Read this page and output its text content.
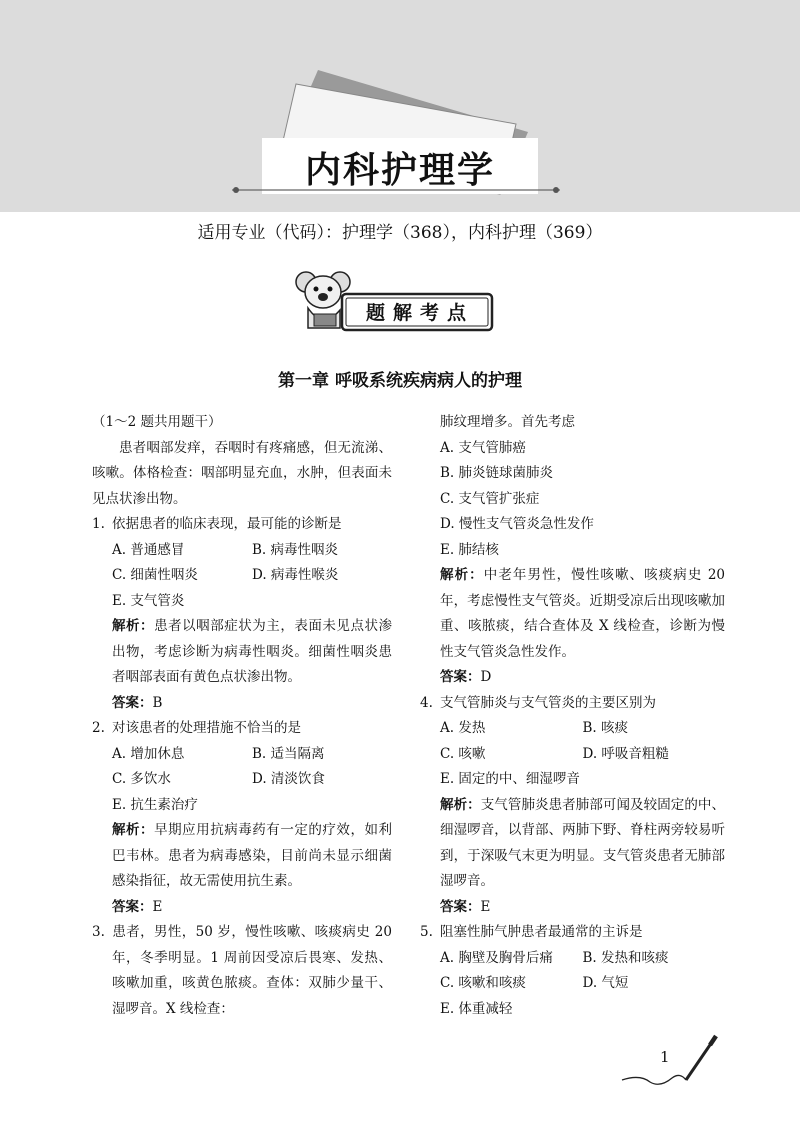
内科护理学
适用专业（代码）：护理学（368），内科护理（369）
题解考点
第一章 呼吸系统疾病病人的护理

（1～2 题共用题干）

患者咽部发痒，吞咽时有疼痛感，但无流涕、咳嗽。体格检查：咽部明显充血，水肿，但表面未见点状渗出物。

1. 依据患者的临床表现，最可能的诊断是

A. 普通感冒	B. 病毒性咽炎
C. 细菌性咽炎	D. 病毒性喉炎

E. 支气管炎

解析：患者以咽部症状为主，表面未见点状渗出物，考虑诊断为病毒性咽炎。细菌性咽炎患者咽部表面有黄色点状渗出物。

答案：B

2. 对该患者的处理措施不恰当的是

A. 增加休息	B. 适当隔离
C. 多饮水	D. 清淡饮食

E. 抗生素治疗

解析：早期应用抗病毒药有一定的疗效，如利巴韦林。患者为病毒感染，目前尚未显示细菌感染指征，故无需使用抗生素。

答案：E

3. 患者，男性，50 岁，慢性咳嗽、咳痰病史 20 年，冬季明显。1 周前因受凉后畏寒、发热、咳嗽加重，咳黄色脓痰。查体：双肺少量干、湿啰音。X 线检查：

肺纹理增多。首先考虑

A. 支气管肺癌

B. 肺炎链球菌肺炎

C. 支气管扩张症

D. 慢性支气管炎急性发作

E. 肺结核

解析：中老年男性，慢性咳嗽、咳痰病史 20 年，考虑慢性支气管炎。近期受凉后出现咳嗽加重、咳脓痰，结合查体及 X 线检查，诊断为慢性支气管炎急性发作。

答案：D

4. 支气管肺炎与支气管炎的主要区别为

A. 发热	B. 咳痰
C. 咳嗽	D. 呼吸音粗糙

E. 固定的中、细湿啰音

解析：支气管肺炎患者肺部可闻及较固定的中、细湿啰音，以背部、两肺下野、脊柱两旁较易听到，于深吸气末更为明显。支气管炎患者无肺部湿啰音。

答案：E

5. 阻塞性肺气肿患者最通常的主诉是

A. 胸壁及胸骨后痛	B. 发热和咳痰
C. 咳嗽和咳痰	D. 气短

E. 体重减轻

1
